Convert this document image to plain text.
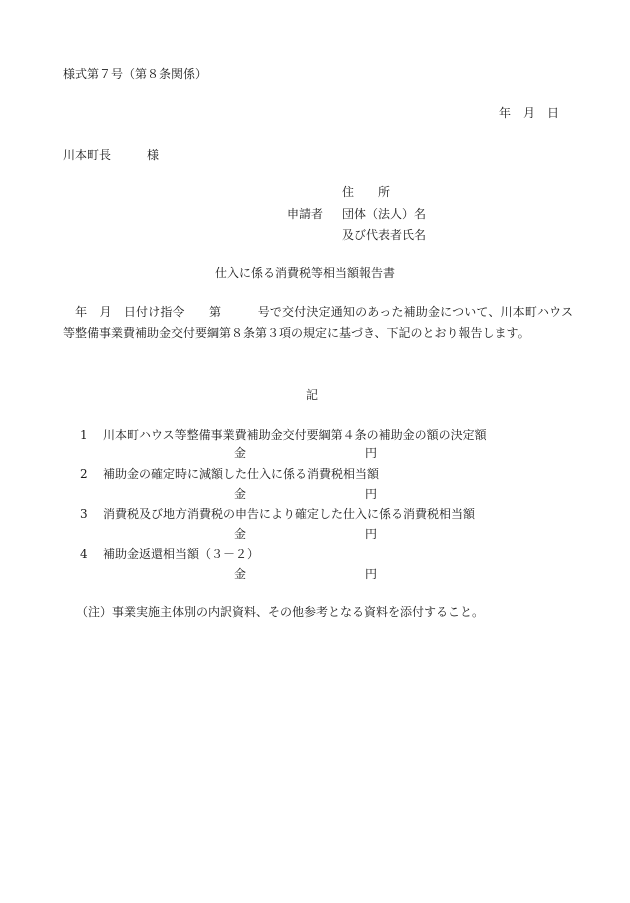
様式第７号（第８条関係）
年　月　日
川本町長　　　様
住　　所
申請者 団体（法人）名
及び代表者氏名
仕入に係る消費税等相当額報告書
　年　月　日付け指令　　第　　　号で交付決定通知のあった補助金について、川本町ハウス等整備事業費補助金交付要綱第８条第３項の規定に基づき、下記のとおり報告します。
記
1 川本町ハウス等整備事業費補助金交付要綱第４条の補助金の額の決定額
金	円
2 補助金の確定時に減額した仕入に係る消費税相当額
金	円
3 消費税及び地方消費税の申告により確定した仕入に係る消費税相当額
金	円
4 補助金返還相当額（３－２）
金	円
（注）事業実施主体別の内訳資料、その他参考となる資料を添付すること。
